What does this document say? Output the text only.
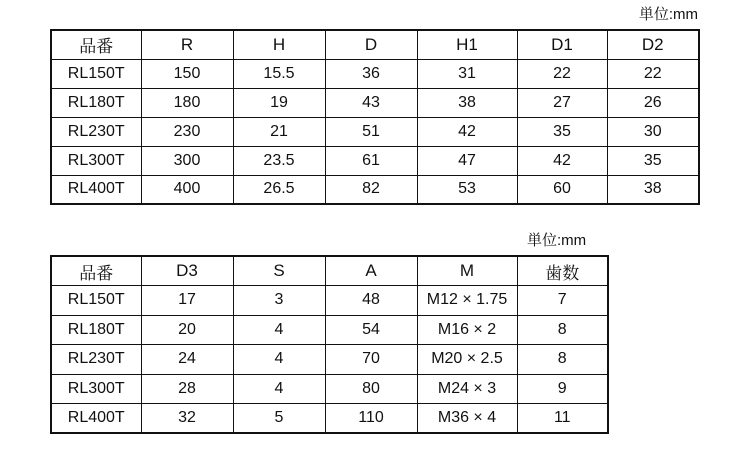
単位:mm
品番	R	H	D	H1	D1	D2
RL150T	150	15.5	36	31	22	22
RL180T	180	19	43	38	27	26
RL230T	230	21	51	42	35	30
RL300T	300	23.5	61	47	42	35
RL400T	400	26.5	82	53	60	38
単位:mm
品番	D3	S	A	M	歯数
RL150T	17	3	48	M12 × 1.75	7
RL180T	20	4	54	M16 × 2	8
RL230T	24	4	70	M20 × 2.5	8
RL300T	28	4	80	M24 × 3	9
RL400T	32	5	110	M36 × 4	11
